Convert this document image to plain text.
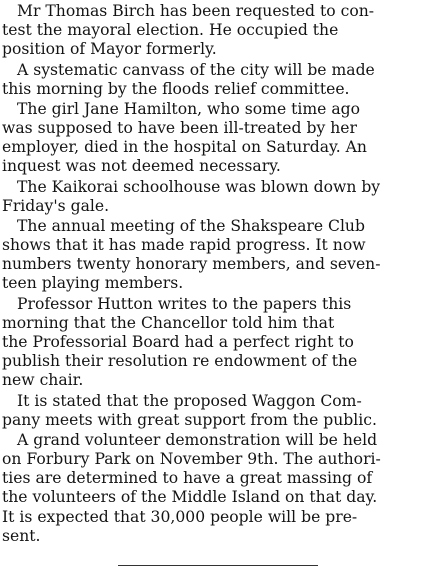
Mr Thomas Birch has been requested to con-
test the mayoral election. He occupied the
position of Mayor formerly.
A systematic canvass of the city will be made
this morning by the floods relief committee.
The girl Jane Hamilton, who some time ago
was supposed to have been ill-treated by her
employer, died in the hospital on Saturday. An
inquest was not deemed necessary.
The Kaikorai schoolhouse was blown down by
Friday's gale.
The annual meeting of the Shakspeare Club
shows that it has made rapid progress. It now
numbers twenty honorary members, and seven-
teen playing members.
Professor Hutton writes to the papers this
morning that the Chancellor told him that
the Professorial Board had a perfect right to
publish their resolution re endowment of the
new chair.
It is stated that the proposed Waggon Com-
pany meets with great support from the public.
A grand volunteer demonstration will be held
on Forbury Park on November 9th. The authori-
ties are determined to have a great massing of
the volunteers of the Middle Island on that day.
It is expected that 30,000 people will be pre-
sent.
